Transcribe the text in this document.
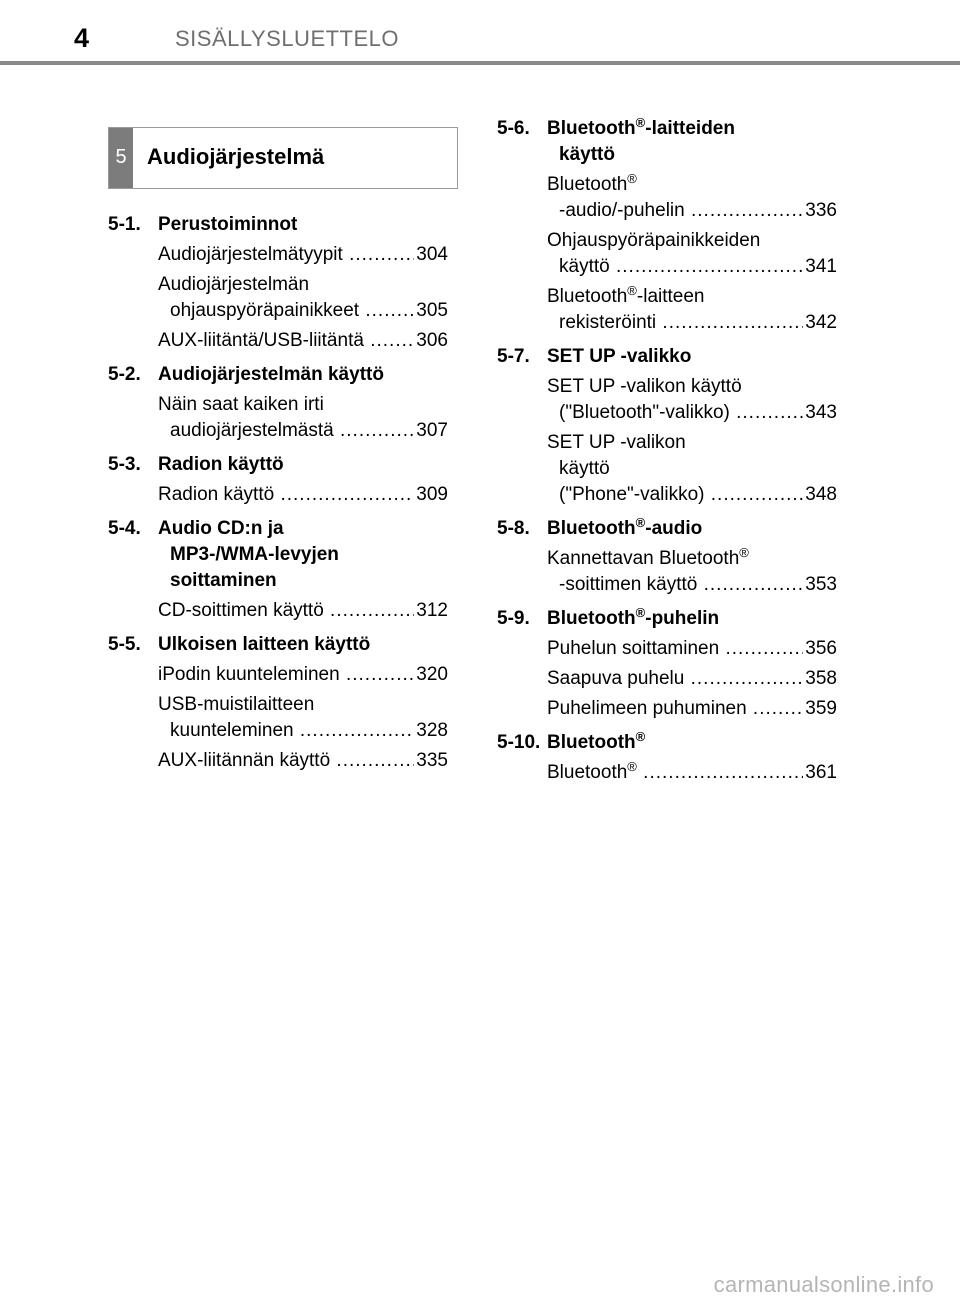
4	SISÄLLYSLUETTELO
5 Audiojärjestelmä
5-1. Perustoiminnot
Audiojärjestelmätyypit .....	304
Audiojärjestelmän
ohjauspyöräpainikkeet .....	305
AUX-liitäntä/USB-liitäntä .....	306
5-2. Audiojärjestelmän käyttö
Näin saat kaiken irti
audiojärjestelmästä .....	307
5-3. Radion käyttö
Radion käyttö .....	309
5-4. Audio CD:n ja
MP3-/WMA-levyjen
soittaminen
CD-soittimen käyttö .....	312
5-5. Ulkoisen laitteen käyttö
iPodin kuunteleminen .....	320
USB-muistilaitteen
kuunteleminen .....	328
AUX-liitännän käyttö .....	335
5-6. Bluetooth®-laitteiden
käyttö
Bluetooth®
-audio/-puhelin .....	336
Ohjauspyöräpainikkeiden
käyttö .....	341
Bluetooth®-laitteen
rekisteröinti .....	342
5-7. SET UP -valikko
SET UP -valikon käyttö
("Bluetooth"-valikko) .....	343
SET UP -valikon
käyttö
("Phone"-valikko) .....	348
5-8. Bluetooth®-audio
Kannettavan Bluetooth®
-soittimen käyttö .....	353
5-9. Bluetooth®-puhelin
Puhelun soittaminen .....	356
Saapuva puhelu .....	358
Puhelimeen puhuminen .....	359
5-10. Bluetooth®
Bluetooth® .....	361
carmanualsonline.info
